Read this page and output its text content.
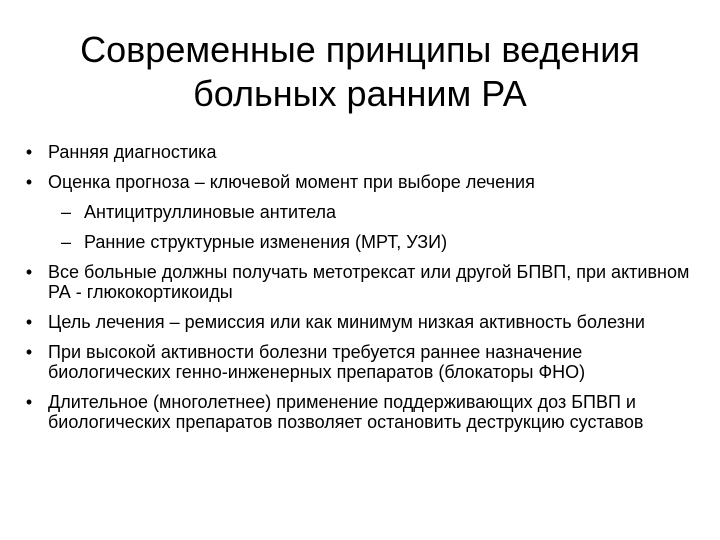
Современные принципы ведения
больных ранним РА
• Ранняя диагностика
• Оценка прогноза – ключевой момент при выборе лечения
– Антицитруллиновые антитела
– Ранние структурные изменения (МРТ, УЗИ)
• Все больные должны получать метотрексат или другой БПВП, при активном РА - глюкокортикоиды
• Цель лечения – ремиссия или как минимум низкая активность болезни
• При высокой активности болезни требуется раннее назначение биологических генно-инженерных препаратов (блокаторы ФНО)
• Длительное (многолетнее) применение поддерживающих доз БПВП и биологических препаратов позволяет остановить деструкцию суставов
